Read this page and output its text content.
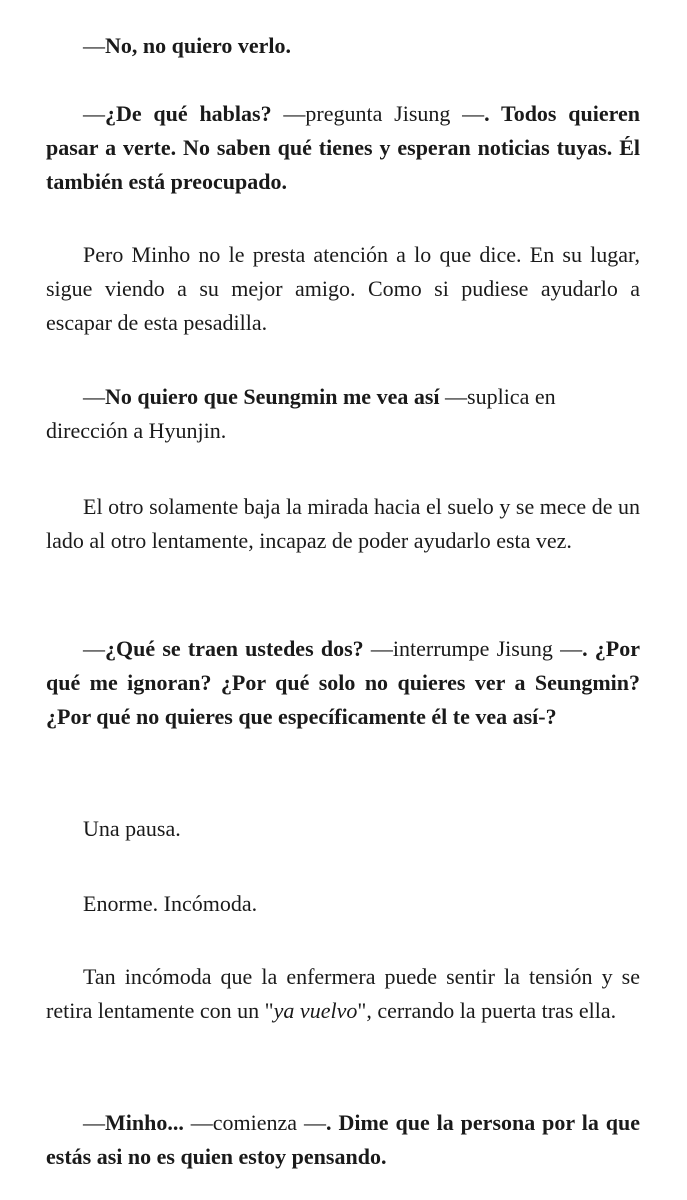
—No, no quiero verlo.

—¿De qué hablas? —pregunta Jisung —. Todos quieren pasar a verte. No saben qué tienes y esperan noticias tuyas. Él también está preocupado.

Pero Minho no le presta atención a lo que dice. En su lugar, sigue viendo a su mejor amigo. Como si pudiese ayudarlo a escapar de esta pesadilla.

—No quiero que Seungmin me vea así —suplica en dirección a Hyunjin.

El otro solamente baja la mirada hacia el suelo y se mece de un lado al otro lentamente, incapaz de poder ayudarlo esta vez.

—¿Qué se traen ustedes dos? —interrumpe Jisung —. ¿Por qué me ignoran? ¿Por qué solo no quieres ver a Seungmin? ¿Por qué no quieres que específicamente él te vea así-?

Una pausa.

Enorme. Incómoda.

Tan incómoda que la enfermera puede sentir la tensión y se retira lentamente con un "ya vuelvo", cerrando la puerta tras ella.

—Minho... —comienza —. Dime que la persona por la que estás asi no es quien estoy pensando.
